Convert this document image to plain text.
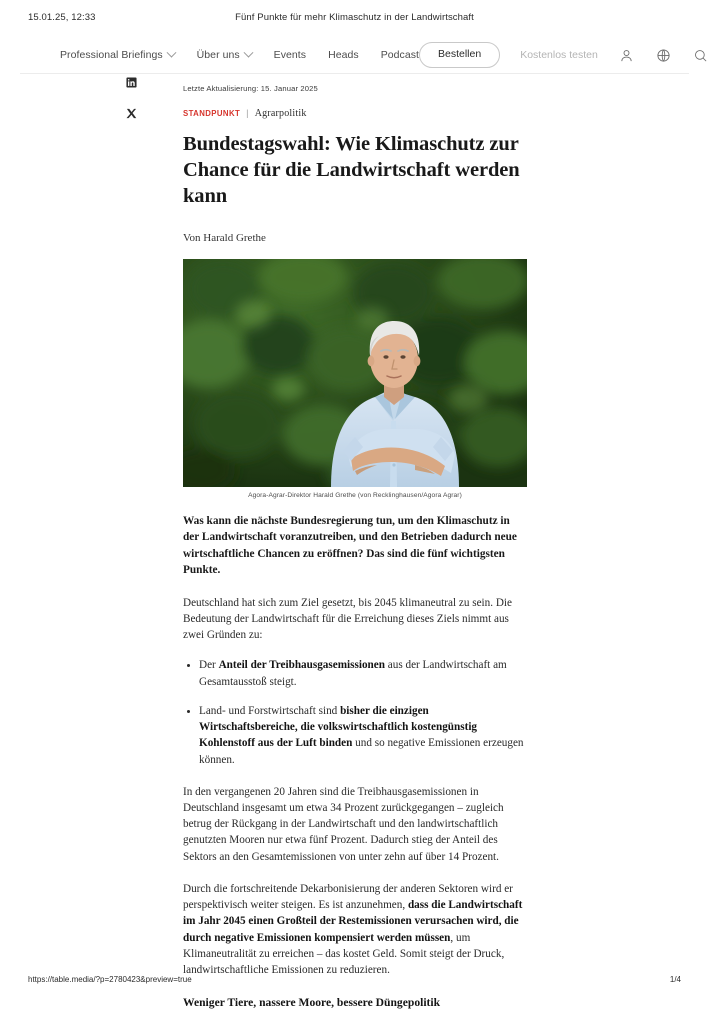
15.01.25, 12:33	Fünf Punkte für mehr Klimaschutz in der Landwirtschaft
Professional Briefings	Über uns	Events Heads Podcast	Bestellen	Kostenlos testen
Letzte Aktualisierung: 15. Januar 2025
STANDPUNKT | Agrarpolitik
Bundestagswahl: Wie Klimaschutz zur Chance für die Landwirtschaft werden kann
Von Harald Grethe
Agora-Agrar-Direktor Harald Grethe (von Recklinghausen/Agora Agrar)

Was kann die nächste Bundesregierung tun, um den Klimaschutz in der Landwirtschaft voranzutreiben, und den Betrieben dadurch neue wirtschaftliche Chancen zu eröffnen? Das sind die fünf wichtigsten Punkte.

Deutschland hat sich zum Ziel gesetzt, bis 2045 klimaneutral zu sein. Die Bedeutung der Landwirtschaft für die Erreichung dieses Ziels nimmt aus zwei Gründen zu:

Der Anteil der Treibhausgasemissionen aus der Landwirtschaft am Gesamtausstoß steigt.
Land- und Forstwirtschaft sind bisher die einzigen Wirtschaftsbereiche, die volkswirtschaftlich kostengünstig Kohlenstoff aus der Luft binden und so negative Emissionen erzeugen können.

In den vergangenen 20 Jahren sind die Treibhausgasemissionen in Deutschland insgesamt um etwa 34 Prozent zurückgegangen – zugleich betrug der Rückgang in der Landwirtschaft und den landwirtschaftlich genutzten Mooren nur etwa fünf Prozent. Dadurch stieg der Anteil des Sektors an den Gesamtemissionen von unter zehn auf über 14 Prozent.

Durch die fortschreitende Dekarbonisierung der anderen Sektoren wird er perspektivisch weiter steigen. Es ist anzunehmen, dass die Landwirtschaft im Jahr 2045 einen Großteil der Restemissionen verursachen wird, die durch negative Emissionen kompensiert werden müssen, um Klimaneutralität zu erreichen – das kostet Geld. Somit steigt der Druck, landwirtschaftliche Emissionen zu reduzieren.

Weniger Tiere, nassere Moore, bessere Düngepolitik
https://table.media/?p=2780423&preview=true	1/4
